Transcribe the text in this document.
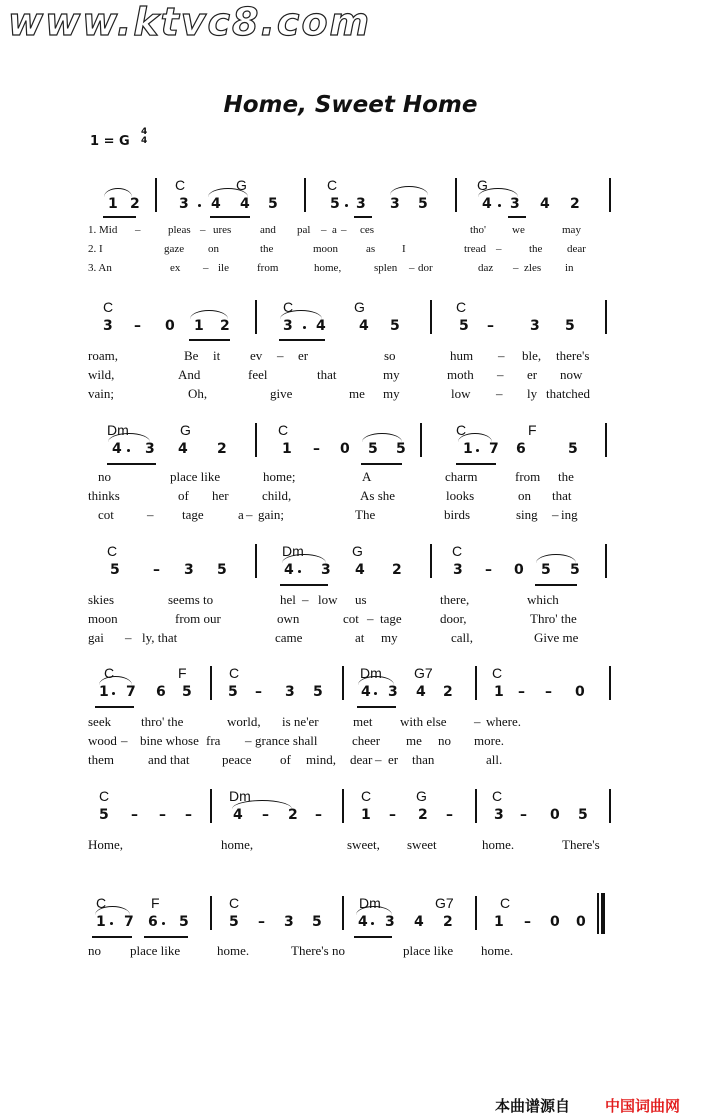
www.ktvc8.com
Home, Sweet Home
1 = G
4
4
C	G	C	G
1 2	3 4 4 5	5 3 3 5	4 3 4 2
1. Mid –	pleas – ures	and pal – a – ces	tho' we	may
2. I	gaze on	the	moon	as I	tread –	the dear
3. An	ex – ile	from	home,	splen – dor	daz – zles in
C	C	G	C
3 – 0 1 2	3 4 4 5	5 –	3 5
roam,	Be it ev – er	so	hum – ble, there's
wild,	And	feel	that	my	moth – er now
vain;	Oh,	give	me my	low – ly thatched
Dm	G	C	C	F
4 3 4 2	1 – 0 5 5	1 7 6	5
no	place like	home;	A	charm	from the
thinks	of her	child,	As she	looks	on that
cot	– tage	a – gain;	The	birds	sing – ing
C	Dm	G	C
5 – 3 5	4 3 4 2	3 – 0 5 5
skies	seems to	hel – low us	there,	which
moon	from our	own	cot – tage	door,	Thro' the
gai – ly, that	came	at my	call,	Give me
C	F	C	Dm G7	C
1 7 6 5	5 – 3 5	4 3 4 2	1 – – 0
seek thro' the	world, is ne'er	met with else – where.
wood – bine whose fra – grance shall	cheer me no more.
them	and that peace of mind, dear – er than	all.
C	Dm	C	G	C
5 – – –	4 – 2 –	1 – 2 –	3 – 0 5
Home,	home,	sweet, sweet	home.	There's
C	F	C	Dm	G7	C
1 7 6 5	5 – 3 5	4 3 4 2	1 – 0 0
no place like	home.	There's no	place like home.
本曲谱源自 中国词曲网
